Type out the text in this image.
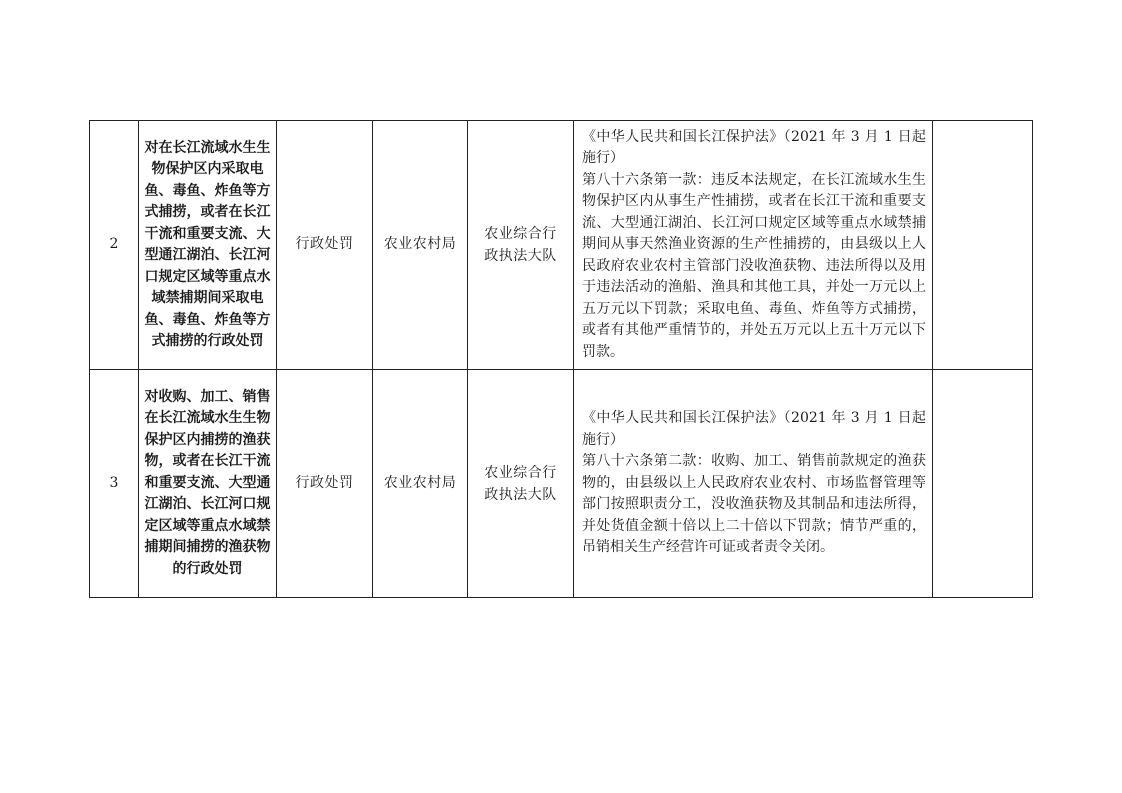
2	对在长江流域水生生物保护区内采取电鱼、毒鱼、炸鱼等方式捕捞，或者在长江干流和重要支流、大型通江湖泊、长江河口规定区域等重点水域禁捕期间采取电鱼、毒鱼、炸鱼等方式捕捞的行政处罚	行政处罚	农业农村局	农业综合行政执法大队	《中华人民共和国长江保护法》（2021 年 3 月 1 日起施行）
第八十六条第一款：违反本法规定，在长江流域水生生物保护区内从事生产性捕捞，或者在长江干流和重要支流、大型通江湖泊、长江河口规定区域等重点水域禁捕期间从事天然渔业资源的生产性捕捞的，由县级以上人民政府农业农村主管部门没收渔获物、违法所得以及用于违法活动的渔船、渔具和其他工具，并处一万元以上五万元以下罚款；采取电鱼、毒鱼、炸鱼等方式捕捞，或者有其他严重情节的，并处五万元以上五十万元以下罚款。	

3	对收购、加工、销售在长江流域水生生物保护区内捕捞的渔获物，或者在长江干流和重要支流、大型通江湖泊、长江河口规定区域等重点水域禁捕期间捕捞的渔获物的行政处罚	行政处罚	农业农村局	农业综合行政执法大队	《中华人民共和国长江保护法》（2021 年 3 月 1 日起施行）
第八十六条第二款：收购、加工、销售前款规定的渔获物的，由县级以上人民政府农业农村、市场监督管理等部门按照职责分工，没收渔获物及其制品和违法所得，并处货值金额十倍以上二十倍以下罚款；情节严重的，吊销相关生产经营许可证或者责令关闭。	
